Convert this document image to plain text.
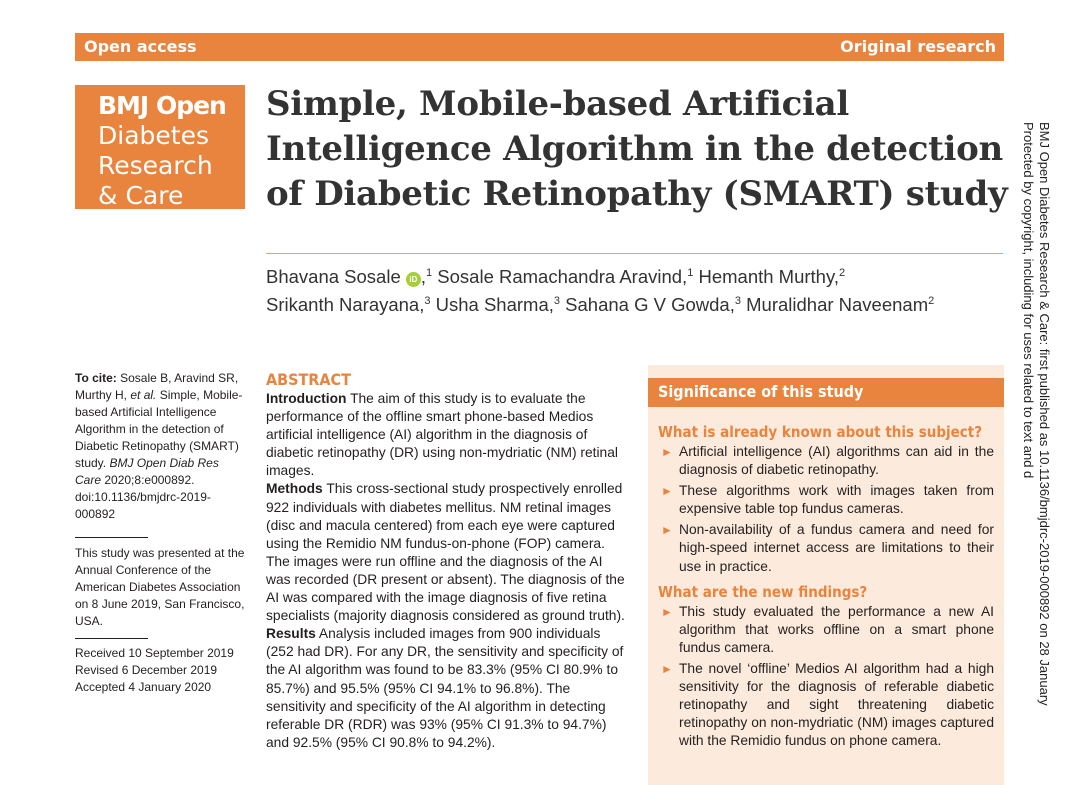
Open access	Original research
BMJ Open
Diabetes
Research
& Care
Simple, Mobile-based Artificial Intelligence Algorithm in the detection of Diabetic Retinopathy (SMART) study
Bhavana Sosale iD ,$^1$ Sosale Ramachandra Aravind,$^1$ Hemanth Murthy,$^2$
Srikanth Narayana,$^3$ Usha Sharma,$^3$ Sahana G V Gowda,$^3$ Muralidhar Naveenam$^2$
To cite: Sosale B, Aravind SR, Murthy H, et al. Simple, Mobile-based Artificial Intelligence Algorithm in the detection of Diabetic Retinopathy (SMART) study. BMJ Open Diab Res Care 2020;8:e000892. doi:10.1136/bmjdrc-2019-000892
This study was presented at the Annual Conference of the American Diabetes Association on 8 June 2019, San Francisco, USA.
Received 10 September 2019
Revised 6 December 2019
Accepted 4 January 2020
ABSTRACT

Introduction The aim of this study is to evaluate the performance of the offline smart phone-based Medios artificial intelligence (AI) algorithm in the diagnosis of diabetic retinopathy (DR) using non-mydriatic (NM) retinal images.

Methods This cross-sectional study prospectively enrolled 922 individuals with diabetes mellitus. NM retinal images (disc and macula centered) from each eye were captured using the Remidio NM fundus-on-phone (FOP) camera. The images were run offline and the diagnosis of the AI was recorded (DR present or absent). The diagnosis of the AI was compared with the image diagnosis of five retina specialists (majority diagnosis considered as ground truth).

Results Analysis included images from 900 individuals (252 had DR). For any DR, the sensitivity and specificity of the AI algorithm was found to be 83.3% (95% CI 80.9% to 85.7%) and 95.5% (95% CI 94.1% to 96.8%). The sensitivity and specificity of the AI algorithm in detecting referable DR (RDR) was 93% (95% CI 91.3% to 94.7%) and 92.5% (95% CI 90.8% to 94.2%).

Significance of this study
What is already known about this subject?
► Artificial intelligence (AI) algorithms can aid in the diagnosis of diabetic retinopathy.
► These algorithms work with images taken from expensive table top fundus cameras.
► Non-availability of a fundus camera and need for high-speed internet access are limitations to their use in practice.
What are the new findings?
► This study evaluated the performance a new AI algorithm that works offline on a smart phone fundus camera.
► The novel ‘offline’ Medios AI algorithm had a high sensitivity for the diagnosis of referable diabetic retinopathy and sight threatening diabetic retinopathy on non-mydriatic (NM) images captured with the Remidio fundus on phone camera.
BMJ Open Diabetes Research & Care: first published as 10.1136/bmjdrc-2019-000892 on 28 January
Protected by copyright, including for uses related to text and d
